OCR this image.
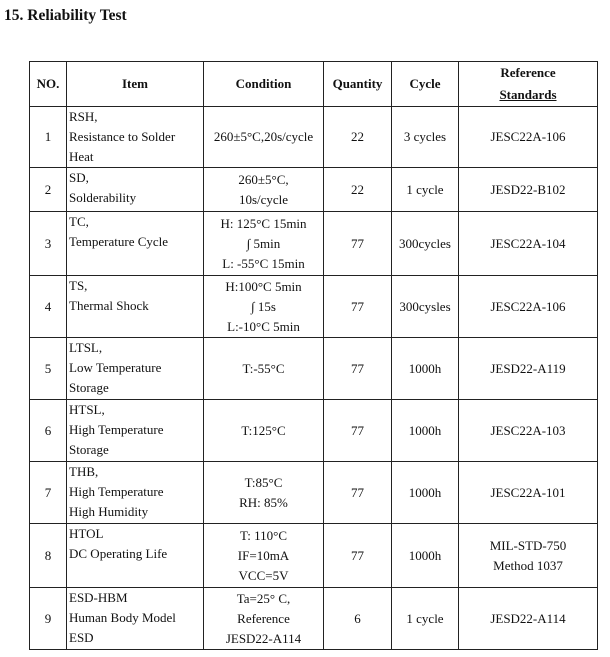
15. Reliability Test
NO.	Item	Condition	Quantity	Cycle	Reference
Standards

1	RSH,
Resistance to Solder
Heat	260±5°C,20s/cycle	22	3 cycles	JESC22A-106

2	SD,
Solderability	260±5°C,
10s/cycle	22	1 cycle	JESD22-B102

3	TC,
Temperature Cycle	H: 125°C 15min
∫ 5min
L: -55°C 15min	77	300cycles	JESC22A-104

4	TS,
Thermal Shock	H:100°C 5min
∫ 15s
L:-10°C 5min	77	300cysles	JESC22A-106

5	LTSL,
Low Temperature
Storage	T:-55°C	77	1000h	JESD22-A119

6	HTSL,
High Temperature
Storage	T:125°C	77	1000h	JESC22A-103

7	THB,
High Temperature
High Humidity	T:85°C
RH: 85%	77	1000h	JESC22A-101

8	HTOL
DC Operating Life	T: 110°C
IF=10mA
VCC=5V	77	1000h	MIL-STD-750
Method 1037

9	ESD-HBM
Human Body Model
ESD	Ta=25° C,
Reference
JESD22-A114	6	1 cycle	JESD22-A114
